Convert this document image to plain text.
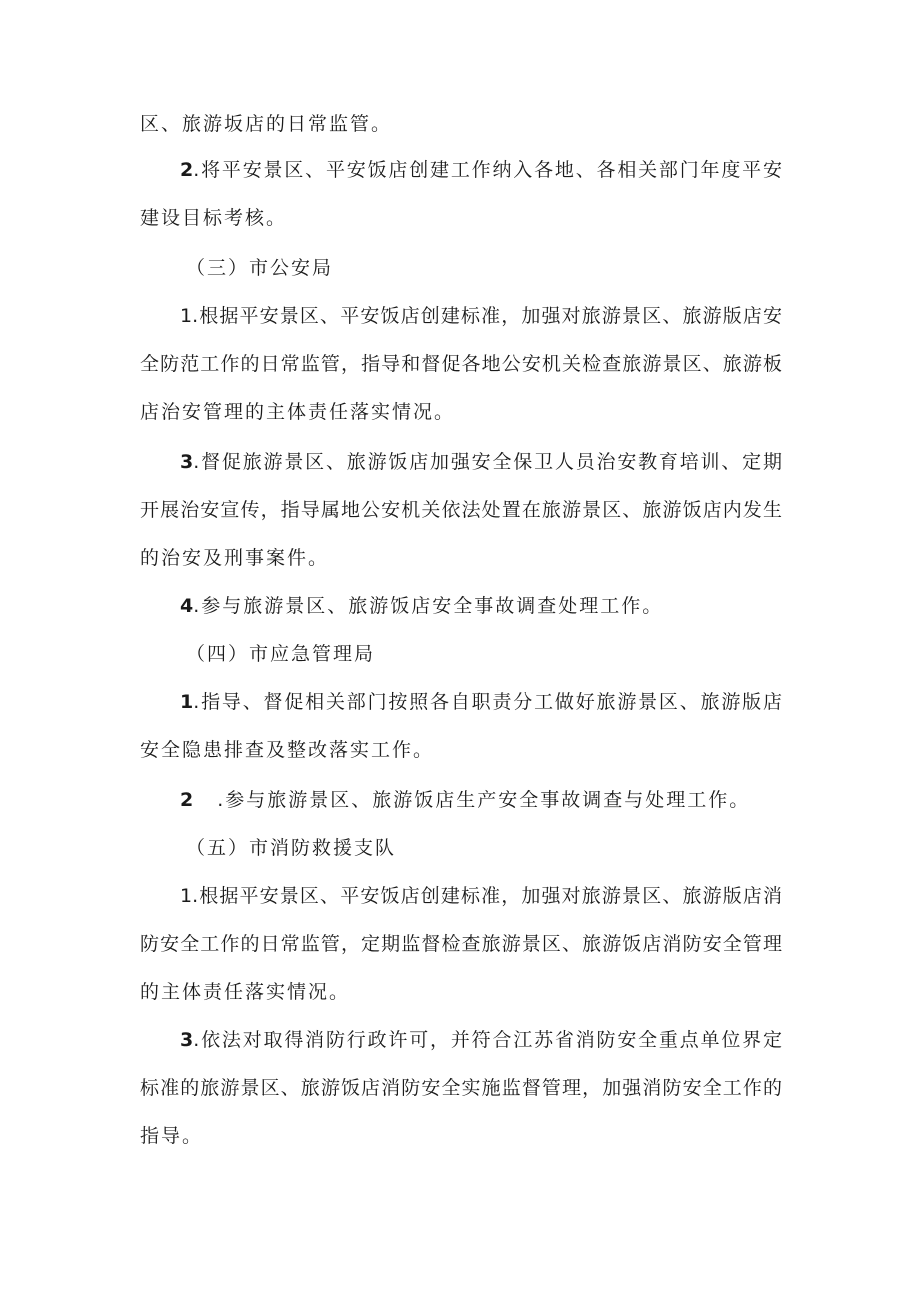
区、旅游坂店的日常监管。
2.将平安景区、平安饭店创建工作纳入各地、各相关部门年度平安
建设目标考核。
（三）市公安局
1.根据平安景区、平安饭店创建标准，加强对旅游景区、旅游版店安
全防范工作的日常监管，指导和督促各地公安机关检查旅游景区、旅游板
店治安管理的主体责任落实情况。
3.督促旅游景区、旅游饭店加强安全保卫人员治安教育培训、定期
开展治安宣传，指导属地公安机关依法处置在旅游景区、旅游饭店内发生
的治安及刑事案件。
4.参与旅游景区、旅游饭店安全事故调查处理工作。
（四）市应急管理局
1.指导、督促相关部门按照各自职责分工做好旅游景区、旅游版店
安全隐患排查及整改落实工作。
2 .参与旅游景区、旅游饭店生产安全事故调查与处理工作。
（五）市消防救援支队
1.根据平安景区、平安饭店创建标准，加强对旅游景区、旅游版店消
防安全工作的日常监管，定期监督检查旅游景区、旅游饭店消防安全管理
的主体责任落实情况。
3.依法对取得消防行政许可，并符合江苏省消防安全重点单位界定
标准的旅游景区、旅游饭店消防安全实施监督管理，加强消防安全工作的
指导。
